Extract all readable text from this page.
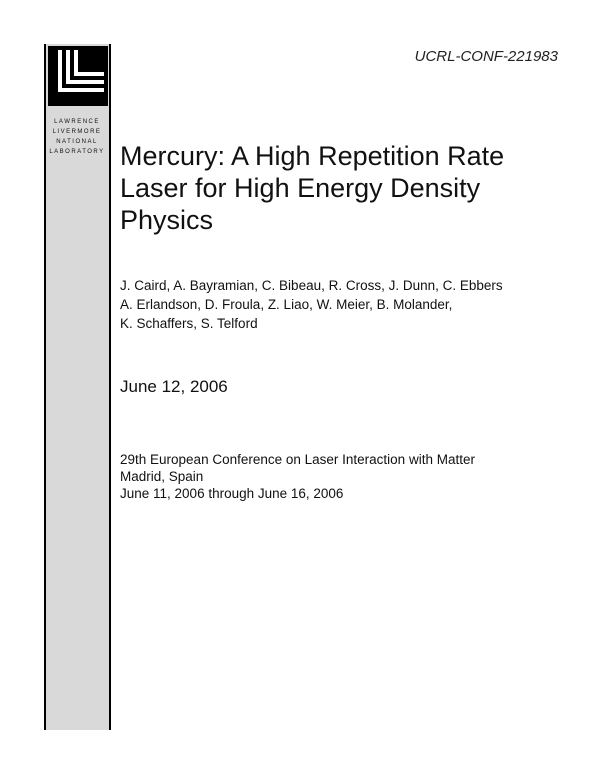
LAWRENCE
LIVERMORE
NATIONAL
LABORATORY
UCRL-CONF-221983
Mercury: A High Repetition Rate Laser for High Energy Density Physics
J. Caird, A. Bayramian, C. Bibeau, R. Cross, J. Dunn, C. Ebbers
A. Erlandson, D. Froula, Z. Liao, W. Meier, B. Molander,
K. Schaffers, S. Telford
June 12, 2006
29th European Conference on Laser Interaction with Matter
Madrid, Spain
June 11, 2006 through June 16, 2006
